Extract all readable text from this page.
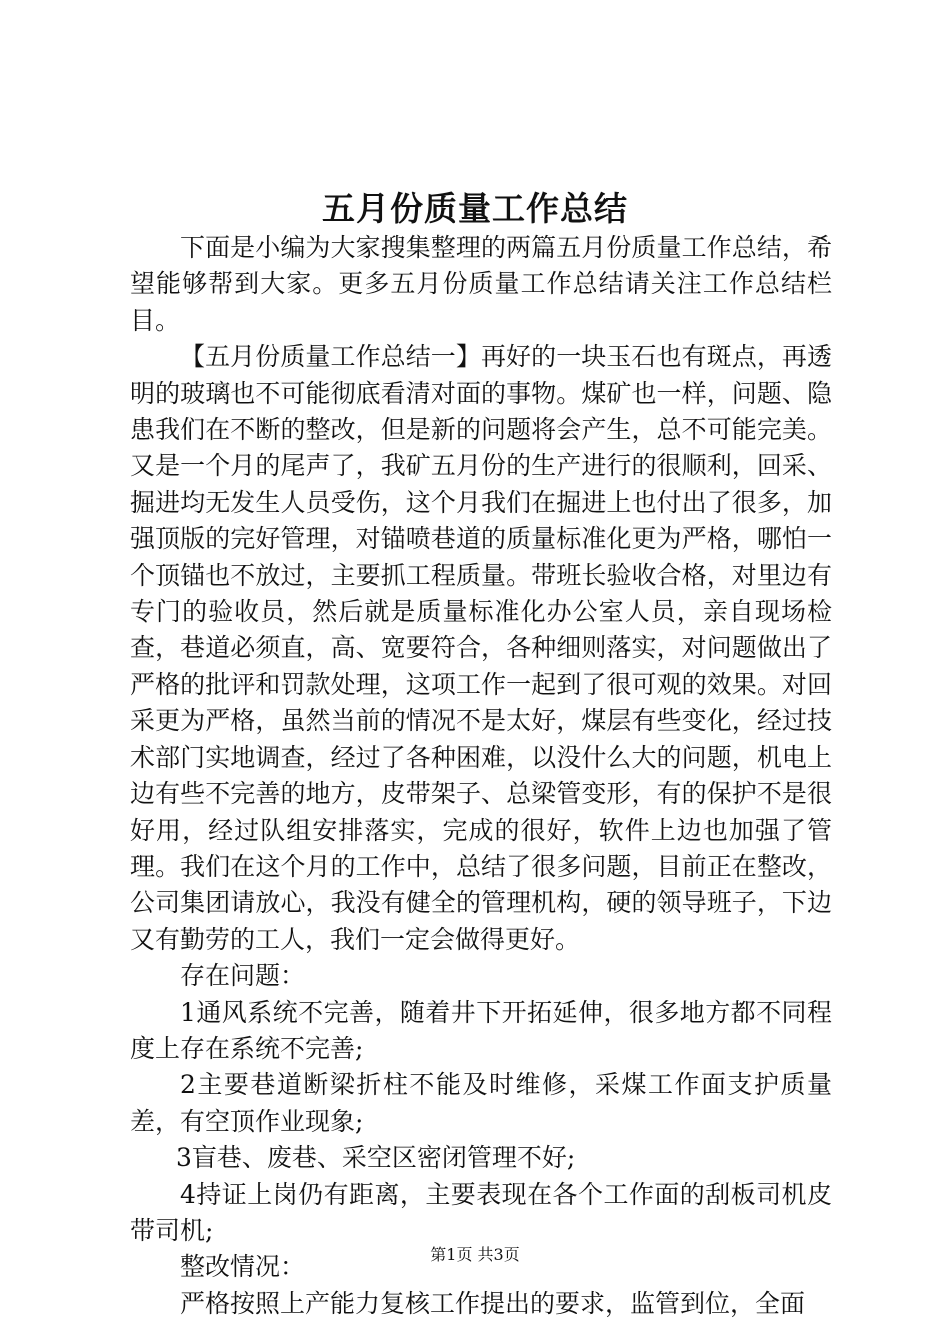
五月份质量工作总结

下面是小编为大家搜集整理的两篇五月份质量工作总结，希望能够帮到大家。更多五月份质量工作总结请关注工作总结栏目。

【五月份质量工作总结一】再好的一块玉石也有斑点，再透明的玻璃也不可能彻底看清对面的事物。煤矿也一样，问题、隐患我们在不断的整改，但是新的问题将会产生，总不可能完美。又是一个月的尾声了，我矿五月份的生产进行的很顺利，回采、掘进均无发生人员受伤，这个月我们在掘进上也付出了很多，加强顶版的完好管理，对锚喷巷道的质量标准化更为严格，哪怕一个顶锚也不放过，主要抓工程质量。带班长验收合格，对里边有专门的验收员，然后就是质量标准化办公室人员，亲自现场检查，巷道必须直，高、宽要符合，各种细则落实，对问题做出了严格的批评和罚款处理，这项工作一起到了很可观的效果。对回采更为严格，虽然当前的情况不是太好，煤层有些变化，经过技术部门实地调查，经过了各种困难，以没什么大的问题，机电上边有些不完善的地方，皮带架子、总梁管变形，有的保护不是很好用，经过队组安排落实，完成的很好，软件上边也加强了管理。我们在这个月的工作中，总结了很多问题，目前正在整改，公司集团请放心，我没有健全的管理机构，硬的领导班子，下边又有勤劳的工人，我们一定会做得更好。

存在问题：

1通风系统不完善，随着井下开拓延伸，很多地方都不同程度上存在系统不完善;

2主要巷道断梁折柱不能及时维修，采煤工作面支护质量差，有空顶作业现象;

3盲巷、废巷、采空区密闭管理不好;

4持证上岗仍有距离，主要表现在各个工作面的刮板司机皮带司机;

整改情况：

严格按照上产能力复核工作提出的要求，监管到位，全面

第1页 共3页
